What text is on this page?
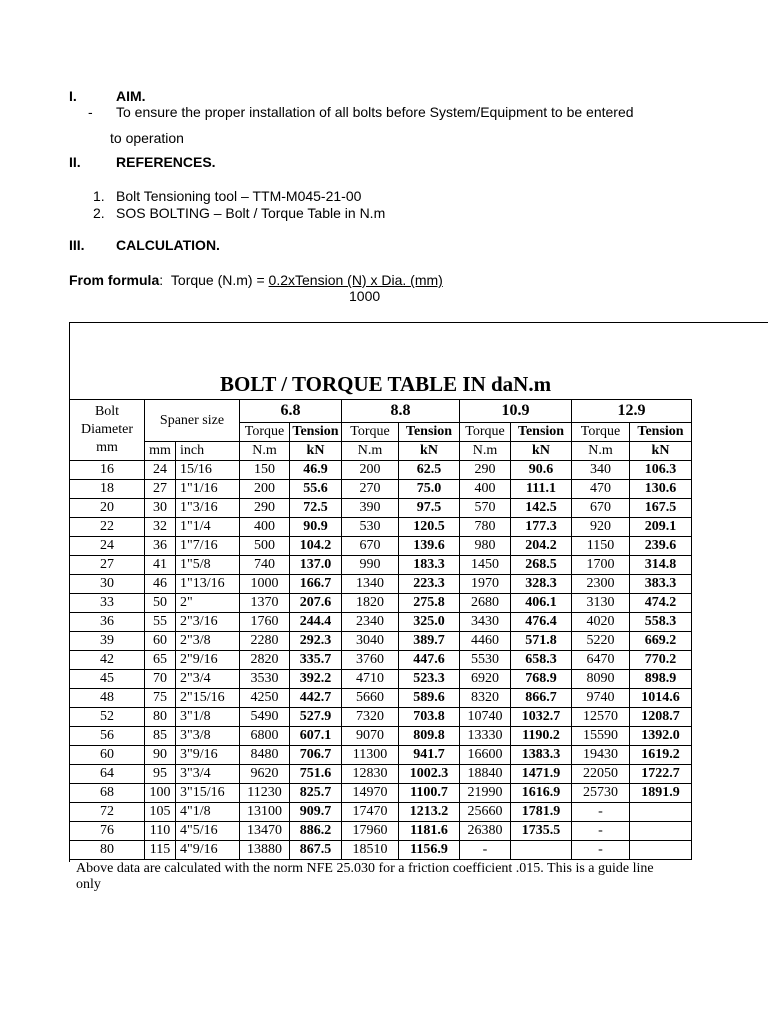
I.	AIM.
- To ensure the proper installation of all bolts before System/Equipment to be entered
to operation
II.	REFERENCES.
1. Bolt Tensioning tool – TTM-M045-21-00
2. SOS BOLTING – Bolt / Torque Table in N.m
III. CALCULATION.
From formula: Torque (N.m) = 0.2xTension (N) x Dia. (mm)
1000
BOLT / TORQUE TABLE IN daN.m
Bolt
Diameter
mm	Spaner size		6.8		8.8		10.9		12.9	
			Torque	Tension	Torque	Tension	Torque	Tension	Torque	Tension
	mm	inch	N.m	kN	N.m	kN	N.m	kN	N.m	kN
16	24	15/16	150	46.9	200	62.5	290	90.6	340	106.3
18	27	1"1/16	200	55.6	270	75.0	400	111.1	470	130.6
20	30	1"3/16	290	72.5	390	97.5	570	142.5	670	167.5
22	32	1"1/4	400	90.9	530	120.5	780	177.3	920	209.1
24	36	1"7/16	500	104.2	670	139.6	980	204.2	1150	239.6
27	41	1"5/8	740	137.0	990	183.3	1450	268.5	1700	314.8
30	46	1"13/16	1000	166.7	1340	223.3	1970	328.3	2300	383.3
33	50	2"	1370	207.6	1820	275.8	2680	406.1	3130	474.2
36	55	2"3/16	1760	244.4	2340	325.0	3430	476.4	4020	558.3
39	60	2"3/8	2280	292.3	3040	389.7	4460	571.8	5220	669.2
42	65	2"9/16	2820	335.7	3760	447.6	5530	658.3	6470	770.2
45	70	2"3/4	3530	392.2	4710	523.3	6920	768.9	8090	898.9
48	75	2"15/16	4250	442.7	5660	589.6	8320	866.7	9740	1014.6
52	80	3"1/8	5490	527.9	7320	703.8	10740	1032.7	12570	1208.7
56	85	3"3/8	6800	607.1	9070	809.8	13330	1190.2	15590	1392.0
60	90	3"9/16	8480	706.7	11300	941.7	16600	1383.3	19430	1619.2
64	95	3"3/4	9620	751.6	12830	1002.3	18840	1471.9	22050	1722.7
68	100	3"15/16	11230	825.7	14970	1100.7	21990	1616.9	25730	1891.9
72	105	4"1/8	13100	909.7	17470	1213.2	25660	1781.9	-	
76	110	4"5/16	13470	886.2	17960	1181.6	26380	1735.5	-	
80	115	4"9/16	13880	867.5	18510	1156.9	-		-	
Above data are calculated with the norm NFE 25.030 for a friction coefficient .015. This is a guide line
only
